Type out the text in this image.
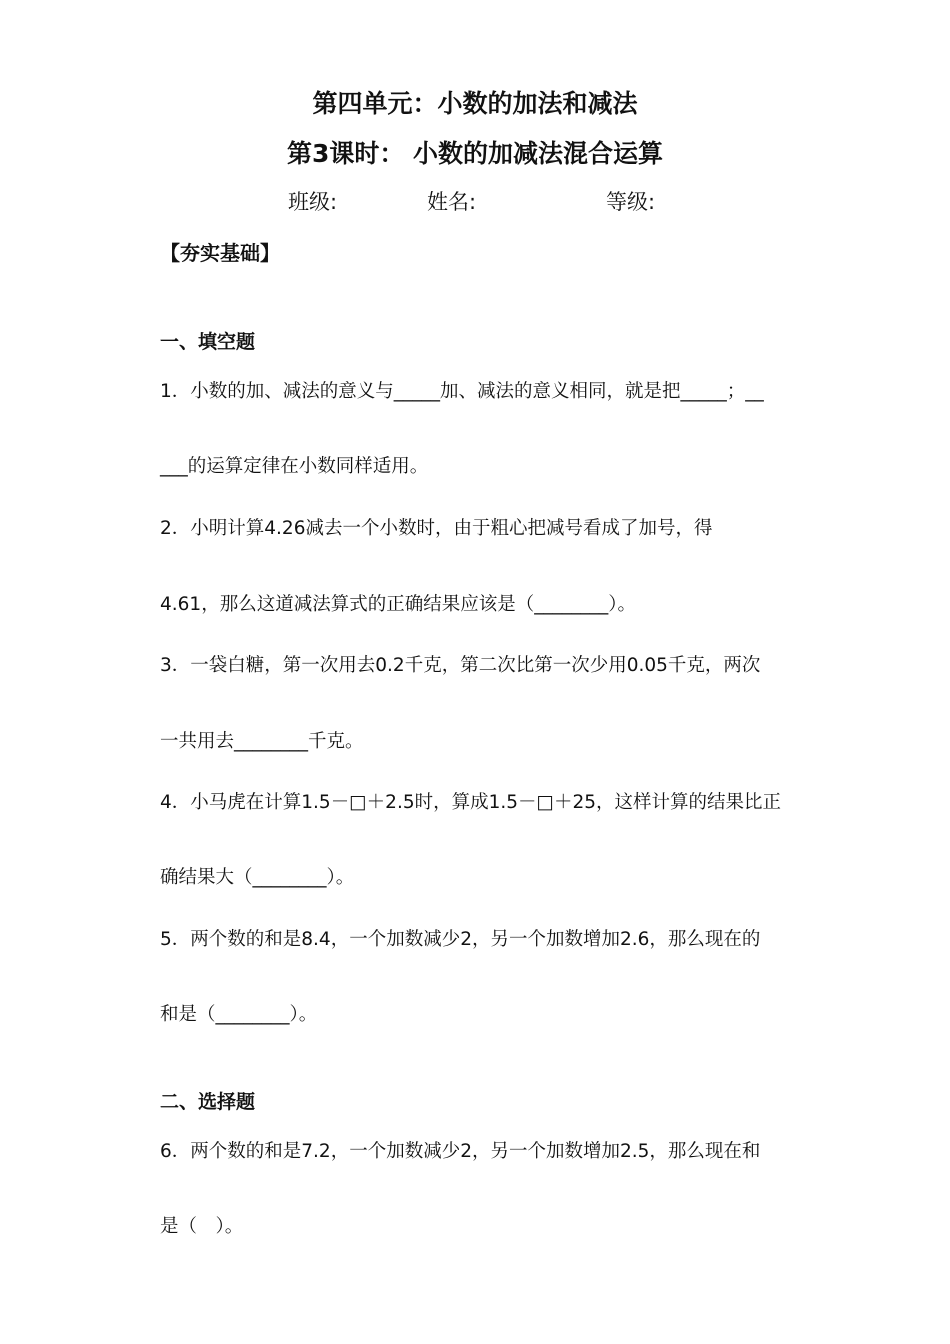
第四单元：小数的加法和减法
第3课时： 小数的加减法混合运算
班级:	姓名:	等级:
【夯实基础】
一、填空题
1．小数的加、减法的意义与_____加、减法的意义相同，就是把_____；__
___的运算定律在小数同样适用。
2．小明计算4.26减去一个小数时，由于粗心把减号看成了加号，得
4.61，那么这道减法算式的正确结果应该是（________）。
3．一袋白糖，第一次用去0.2千克，第二次比第一次少用0.05千克，两次
一共用去________千克。
4．小马虎在计算1.5－□＋2.5时，算成1.5－□＋25，这样计算的结果比正
确结果大（________）。
5．两个数的和是8.4，一个加数减少2，另一个加数增加2.6，那么现在的
和是（________）。
二、选择题
6．两个数的和是7.2，一个加数减少2，另一个加数增加2.5，那么现在和
是（　）。
